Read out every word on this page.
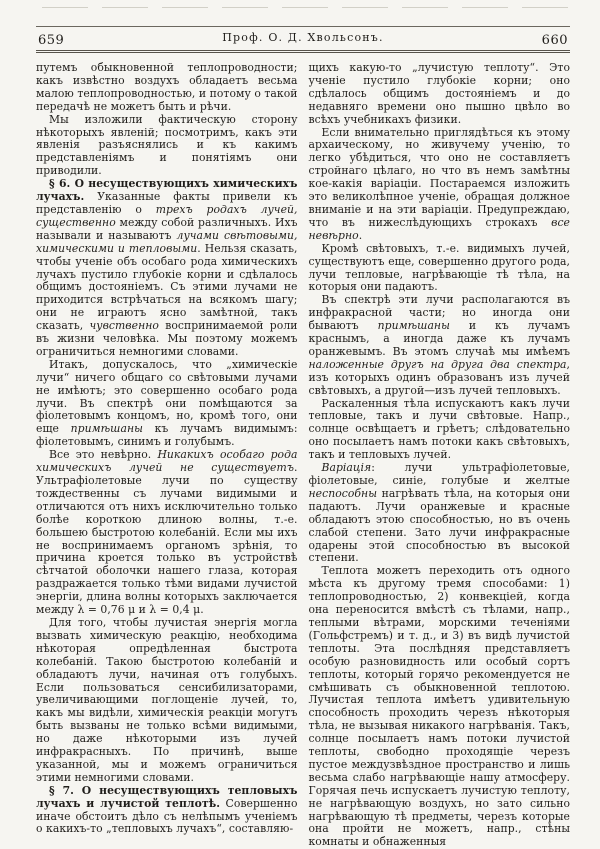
659	Проф. О. Д. Хвольсонъ.	660

путемъ обыкновенной теплопроводности; какъ извѣстно воздухъ обладаетъ весьма малою теплопроводностью, и потому о такой передачѣ не можетъ быть и рѣчи.

Мы изложили фактическую сторону нѣкоторыхъ явленій; посмотримъ, какъ эти явленія разъяснялись и къ какимъ представленіямъ и понятіямъ они приводили.

§ 6. О несуществующихъ химическихъ лучахъ. Указанные факты привели къ представленію о трехъ родахъ лучей, существенно между собой различныхъ. Ихъ называли и называютъ лучами свѣтовыми, химическими и тепловыми. Нельзя сказать, чтобы ученіе объ особаго рода химическихъ лучахъ пустило глубокіе корни и сдѣлалось общимъ достояніемъ. Съ этими лучами не приходится встрѣчаться на всякомъ шагу; они не играютъ ясно замѣтной, такъ сказать, чувственно воспринимаемой роли въ жизни человѣка. Мы поэтому можемъ ограничиться немногими словами.

Итакъ, допускалось, что „химическіе лучи“ ничего общаго со свѣтовыми лучами не имѣютъ; это совершенно особаго рода лучи. Въ спектрѣ они помѣщаются за фіолетовымъ концомъ, но, кромѣ того, они еще примѣшаны къ лучамъ видимымъ: фіолетовымъ, синимъ и голубымъ.

Все это невѣрно. Никакихъ особаго рода химическихъ лучей не существуетъ. Ультрафіолетовые лучи по существу тождественны съ лучами видимыми и отличаются отъ нихъ исключительно только болѣе короткою длиною волны, т.-е. большею быстротою колебаній. Если мы ихъ не воспринимаемъ органомъ зрѣнія, то причина кроется только въ устройствѣ сѣтчатой оболочки нашего глаза, которая раздражается только тѣми видами лучистой энергіи, длина волны которыхъ заключается между λ = 0,76 μ и λ = 0,4 μ.

Для того, чтобы лучистая энергія могла вызвать химическую реакцію, необходима нѣкоторая опредѣленная быстрота колебаній. Такою быстротою колебаній и обладаютъ лучи, начиная отъ голубыхъ. Если пользоваться сенсибилизаторами, увеличивающими поглощеніе лучей, то, какъ мы видѣли, химическія реакціи могутъ быть вызваны не только всѣми видимыми, но даже нѣкоторыми изъ лучей инфракрасныхъ. По причинѣ, выше указанной, мы и можемъ ограничиться этими немногими словами.

§ 7. О несуществующихъ тепловыхъ лучахъ и лучистой теплотѣ. Совершенно иначе обстоитъ дѣло съ нелѣпымъ ученіемъ о какихъ-то „тепловыхъ лучахъ“, составляю-

щихъ какую-то „лучистую теплоту“. Это ученіе пустило глубокіе корни; оно сдѣлалось общимъ достояніемъ и до недавняго времени оно пышно цвѣло во всѣхъ учебникахъ физики.

Если внимательно приглядѣться къ этому архаическому, но живучему ученію, то легко убѣдиться, что оно не составляетъ стройнаго цѣлаго, но что въ немъ замѣтны кое-какія варіаціи. Постараемся изложить это великолѣпное ученіе, обращая должное вниманіе и на эти варіаціи. Предупреждаю, что въ нижеслѣдующихъ строкахъ все невѣрно.

Кромѣ свѣтовыхъ, т.-е. видимыхъ лучей, существуютъ еще, совершенно другого рода, лучи тепловые, нагрѣвающіе тѣ тѣла, на которыя они падаютъ.

Въ спектрѣ эти лучи располагаются въ инфракрасной части; но иногда они бываютъ примѣшаны и къ лучамъ краснымъ, а иногда даже къ лучамъ оранжевымъ. Въ этомъ случаѣ мы имѣемъ наложенные другъ на друга два спектра, изъ которыхъ одинъ образованъ изъ лучей свѣтовыхъ, а другой—изъ лучей тепловыхъ.

Раскаленныя тѣла испускаютъ какъ лучи тепловые, такъ и лучи свѣтовые. Напр., солнце освѣщаетъ и грѣетъ; слѣдовательно оно посылаетъ намъ потоки какъ свѣтовыхъ, такъ и тепловыхъ лучей.

Варіація: лучи ультрафіолетовые, фіолетовые, синіе, голубые и желтые неспособны нагрѣвать тѣла, на которыя они падаютъ. Лучи оранжевые и красные обладаютъ этою способностью, но въ очень слабой степени. Зато лучи инфракрасные одарены этой способностью въ высокой степени.

Теплота можетъ переходить отъ одного мѣста къ другому тремя способами: 1) теплопроводностью, 2) конвекціей, когда она переносится вмѣстѣ съ тѣлами, напр., теплыми вѣтрами, морскими теченіями (Гольфстремъ) и т. д., и 3) въ видѣ лучистой теплоты. Эта послѣдняя представляетъ особую разновидность или особый сортъ теплоты, который горячо рекомендуется не смѣшивать съ обыкновенной теплотою. Лучистая теплота имѣетъ удивительную способность проходить черезъ нѣкоторыя тѣла, не вызывая никакого нагрѣванія. Такъ, солнце посылаетъ намъ потоки лучистой теплоты, свободно проходящіе черезъ пустое междузвѣздное пространство и лишь весьма слабо нагрѣвающіе нашу атмосферу. Горячая печь испускаетъ лучистую теплоту, не нагрѣвающую воздухъ, но зато сильно нагрѣвающую тѣ предметы, черезъ которые она пройти не можетъ, напр., стѣны комнаты и обнаженныя
